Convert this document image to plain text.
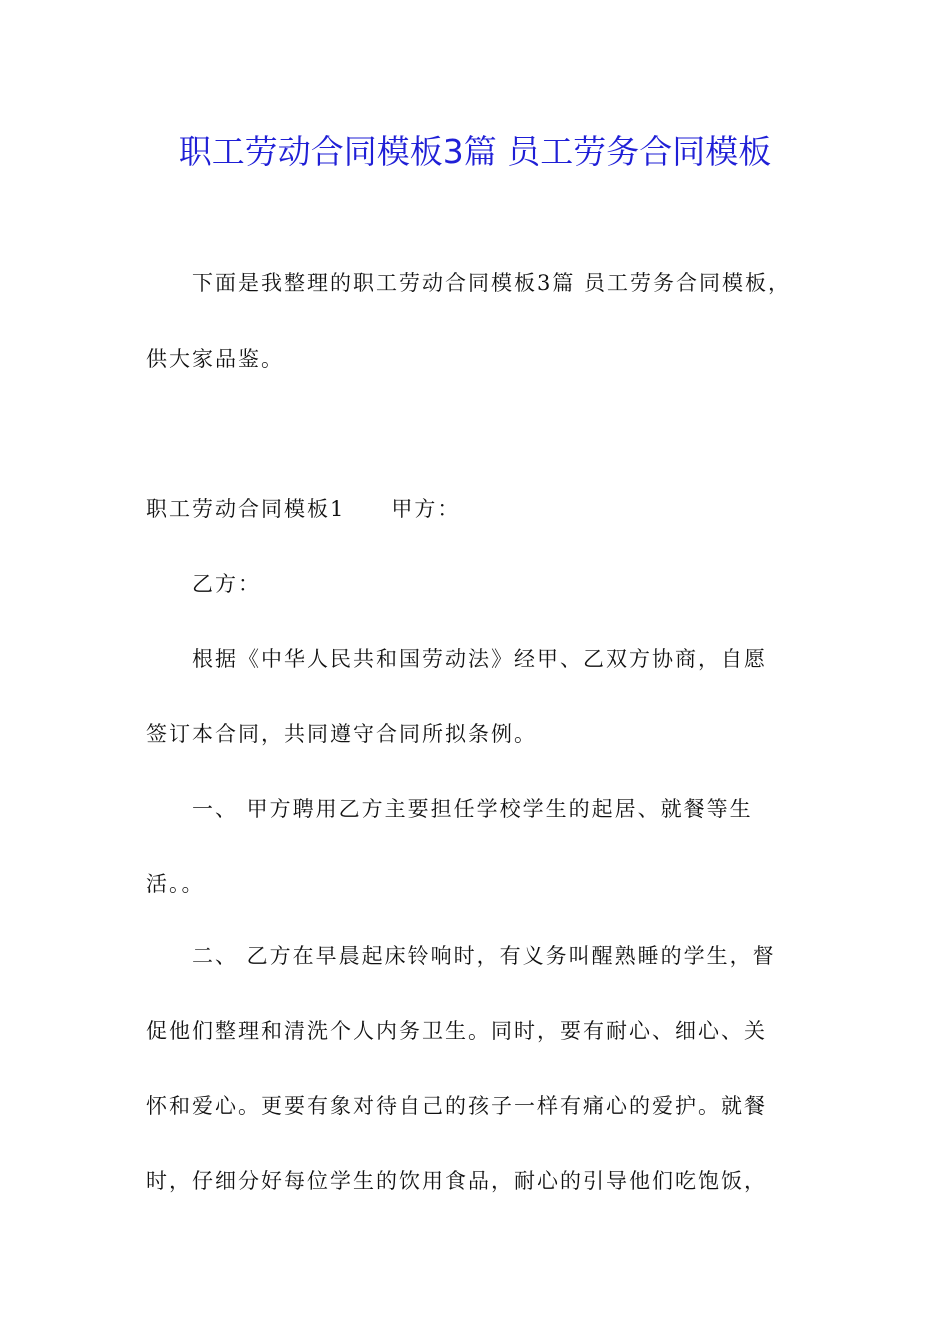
职工劳动合同模板3篇 员工劳务合同模板
下面是我整理的职工劳动合同模板3篇 员工劳务合同模板，
供大家品鉴。
职工劳动合同模板1　　甲方：
乙方：
根据《中华人民共和国劳动法》经甲、乙双方协商，自愿
签订本合同，共同遵守合同所拟条例。
一、 甲方聘用乙方主要担任学校学生的起居、就餐等生
活。。
二、 乙方在早晨起床铃响时，有义务叫醒熟睡的学生，督
促他们整理和清洗个人内务卫生。同时，要有耐心、细心、关
怀和爱心。更要有象对待自己的孩子一样有痛心的爱护。就餐
时，仔细分好每位学生的饮用食品，耐心的引导他们吃饱饭，
